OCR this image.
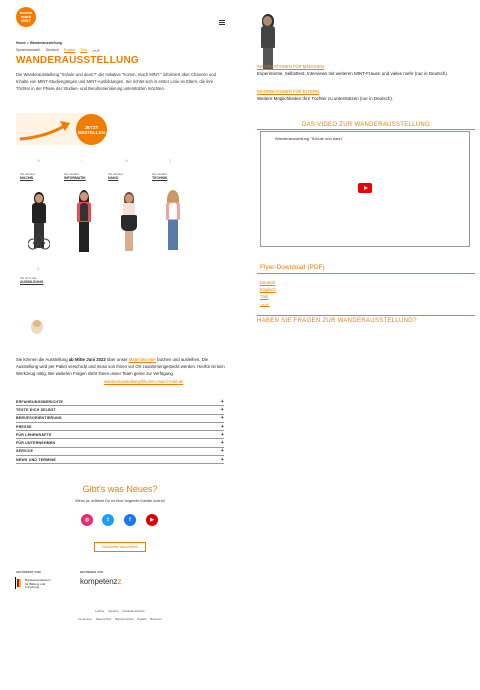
komm mach MINT
Home > Wanderausstellung
Sprachauswahl: Deutsch English Türk عربي
WANDERAUSSTELLUNG
Die Wanderausstellung "Schule und dann?" der Initiative "Komm, mach MINT." informiert über Chancen und Inhalte von MINT-Studiengängen und MINT-Ausbildungen. Sie richtet sich in erster Linie an Eltern, die ihre Töchter in der Phase der Studien- und Berufsorientierung unterstützen möchten.
JETZT BESTELLEN
M	I	N	T
Sie studiert
MACHB
Sie studiert
INFORMATIK
Sie studiert
NANO
Sie studiert
TECHNIK
A
Sie ist in der
AUSBILDUNG
Sie können die Ausstellung ab Mitte Juni 2022 über unser Materialcenter buchen und ausleihen. Die Ausstellung wird per Paket verschickt und muss von Ihnen vor Ort zusammengesteckt werden. Hierfür ist kein Werkzeug nötig. Bei weiteren Fragen steht Ihnen unser Team gerne zur Verfügung.
wanderausstellung@komm-mach-mint.de
ERFAHRUNGSBERICHTE	+
TESTE DICH SELBST	+
BERUFSORIENTIERUNG	+
PRESSE	+
FÜR LEHRKRÄFTE	+
FÜR UNTERNEHMEN	+
SERVICE	+
NEWS UND TERMINE	+
Gibt's was Neues?
Wenn ja, erfährst Du es über folgende Kanäle zuerst!
◎	t	f	▶
Newsletter abonnieren
GEFÖRDERT VOM
Bundesministerium für Bildung und Forschung
BETRIEBEN VON
kompetenzz
Leichte Sprache Gebärdensprache
Impressum Datenschutz Barrierefreiheit Digitale Barrieren
INFORMATIONEN FÜR MÄDCHEN
Experimente, Selbsttest, Interviews mit weiteren MINT-Frauen und vieles mehr (nur in Deutsch).
INFORMATIONEN FÜR ELTERN
Weitere Möglichkeiten Ihre Töchter zu unterstützen (nur in Deutsch).
DAS VIDEO ZUR WANDERAUSSTELLUNG
Wanderausstellung "Schule und dann"
Flyer-Download (PDF)
Deutsch
Englisch
Türk
عربي
HABEN SIE FRAGEN ZUR WANDERAUSSTELLUNG?
